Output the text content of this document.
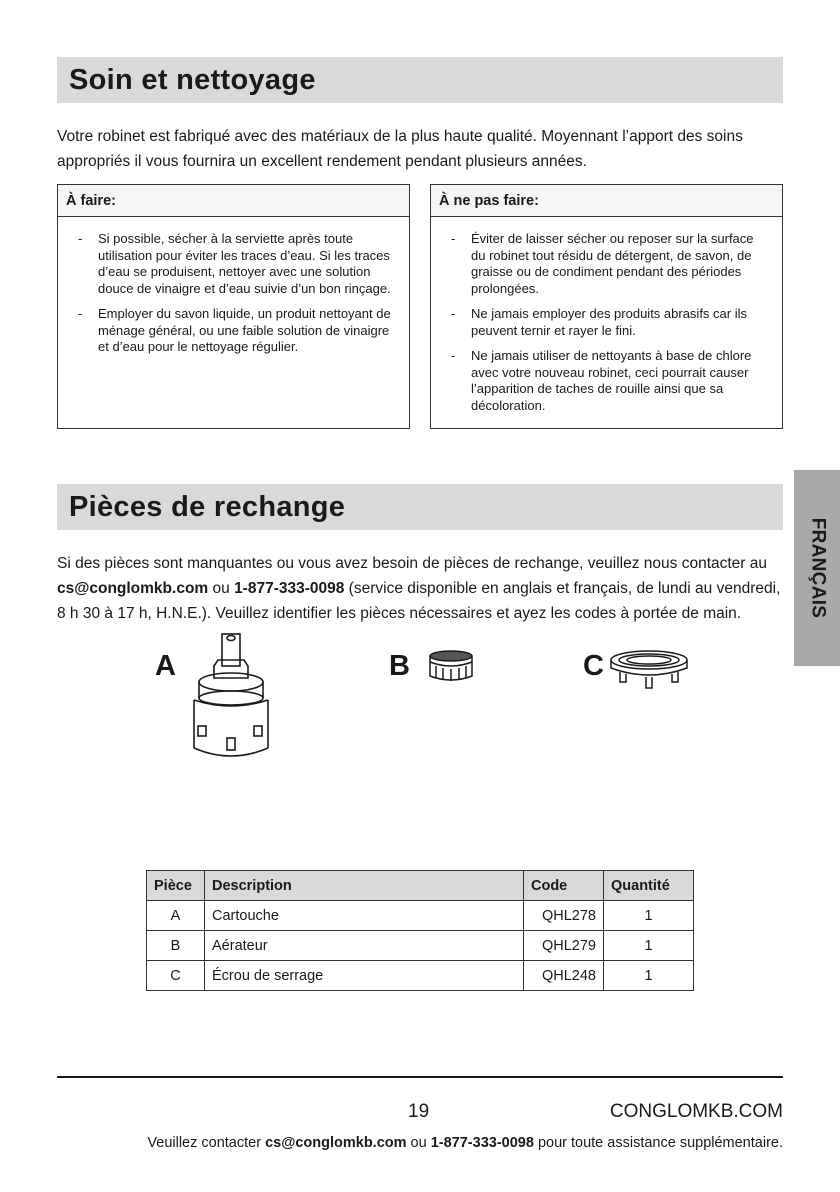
Soin et nettoyage

Votre robinet est fabriqué avec des matériaux de la plus haute qualité. Moyennant l’apport des soins appropriés il vous fournira un excellent rendement pendant plusieurs années.

À faire:
- Si possible, sécher à la serviette après toute utilisation pour éviter les traces d’eau. Si les traces d’eau se produisent, nettoyer avec une solution douce de vinaigre et d’eau suivie d’un bon rinçage.
- Employer du savon liquide, un produit nettoyant de ménage général, ou une faible solution de vinaigre et d’eau pour le nettoyage régulier.
À ne pas faire:
- Éviter de laisser sécher ou reposer sur la surface du robinet tout résidu de détergent, de savon, de graisse ou de condiment pendant des périodes prolongées.
- Ne jamais employer des produits abrasifs car ils peuvent ternir et rayer le fini.
- Ne jamais utiliser de nettoyants à base de chlore avec votre nouveau robinet, ceci pourrait causer l’apparition de taches de rouille ainsi que sa décoloration.
Pièces de rechange

Si des pièces sont manquantes ou vous avez besoin de pièces de rechange, veuillez nous contacter au cs@conglomkb.com ou 1-877-333-0098 (service disponible en anglais et français, de lundi au vendredi, 8 h 30 à 17 h, H.N.E.). Veuillez identifier les pièces nécessaires et ayez les codes à portée de main.	FRANÇAIS
A	B	C
Pièce	Description	Code	Quantité
A	Cartouche	QHL278	1
B	Aérateur	QHL279	1
C	Écrou de serrage	QHL248	1
19	CONGLOMKB.COM
Veuillez contacter cs@conglomkb.com ou 1-877-333-0098 pour toute assistance supplémentaire.
